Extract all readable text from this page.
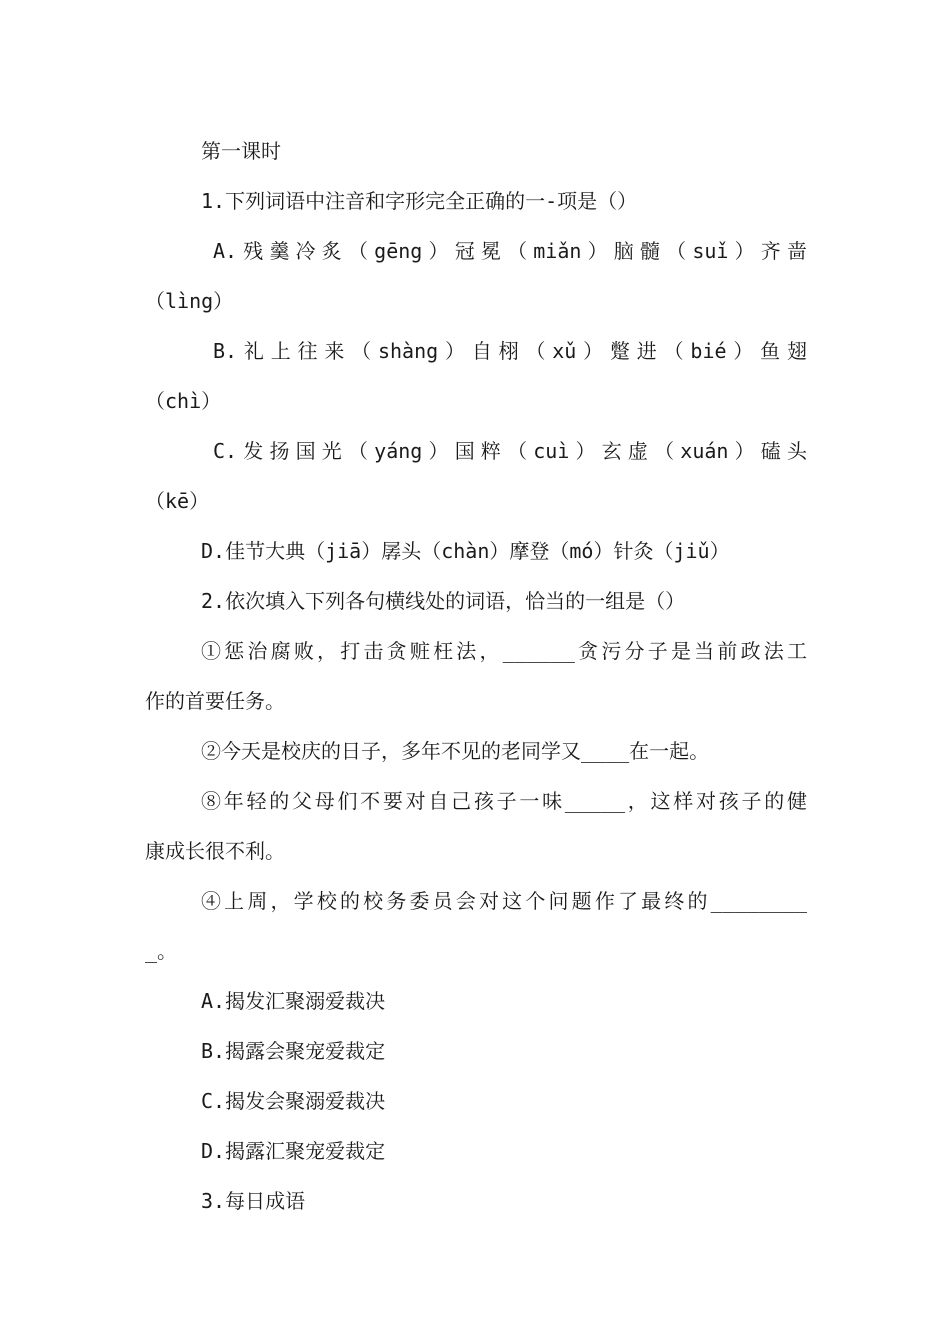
第一课时
1.下列词语中注音和字形完全正确的一-项是（）
A.残羹冷炙（gēng）冠冕（miǎn）脑髓（suǐ）齐啬
（lìng）
B.礼上往来（shàng）自栩（xǔ）蹩进（bié）鱼翅
（chì）
C.发扬国光（yáng）国粹（cuì）玄虚（xuán）磕头
（kē）
D.佳节大典（jiā）孱头（chàn）摩登（mó）针灸（jiǔ）
2.依次填入下列各句横线处的词语，恰当的一组是（）
①惩治腐败，打击贪赃枉法，______贪污分子是当前政法工
作的首要任务。
②今天是校庆的日子，多年不见的老同学又____在一起。
⑧年轻的父母们不要对自己孩子一味_____，这样对孩子的健
康成长很不利。
④上周，学校的校务委员会对这个问题作了最终的________
_。
A.揭发汇聚溺爱裁决
B.揭露会聚宠爱裁定
C.揭发会聚溺爱裁决
D.揭露汇聚宠爱裁定
3.每日成语
